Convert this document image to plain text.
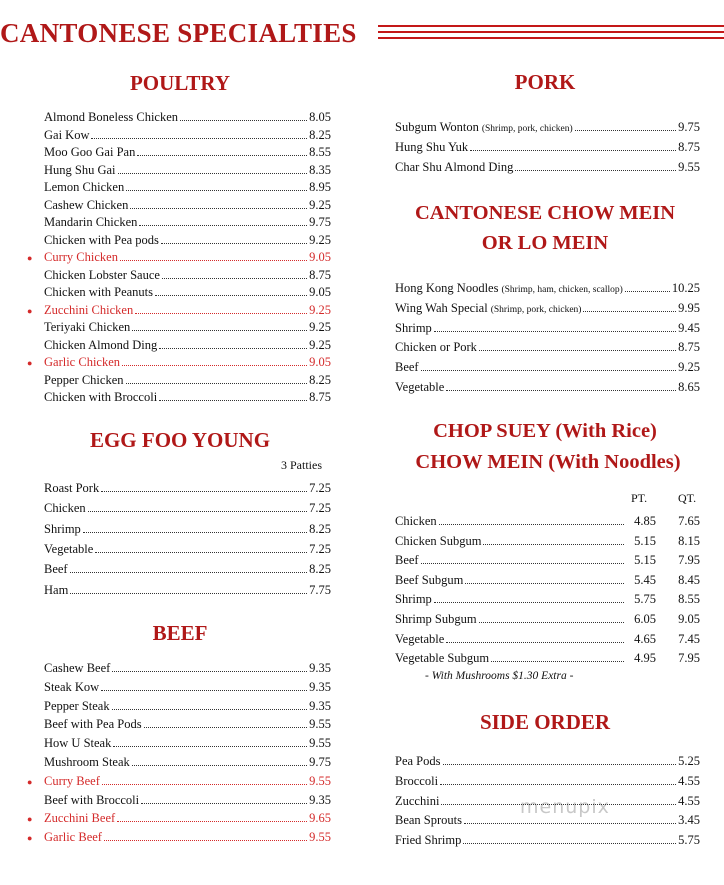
CANTONESE SPECIALTIES
POULTRY
EGG FOO YOUNG
3 Patties
BEEF
PORK
CANTONESE CHOW MEIN
OR LO MEIN
CHOP SUEY (With Rice)
CHOW MEIN (With Noodles)
PT.	QT.
- With Mushrooms $1.30 Extra -
SIDE ORDER
menupix
Almond Boneless Chicken	8.05
Gai Kow	8.25
Moo Goo Gai Pan	8.55
Hung Shu Gai	8.35
Lemon Chicken	8.95
Cashew Chicken	9.25
Mandarin Chicken	9.75
Chicken with Pea pods	9.25
Curry Chicken	9.05
●
Chicken Lobster Sauce	8.75
Chicken with Peanuts	9.05
Zucchini Chicken	9.25
●
Teriyaki Chicken	9.25
Chicken Almond Ding	9.25
Garlic Chicken	9.05
●
Pepper Chicken	8.25
Chicken with Broccoli	8.75
Roast Pork	7.25
Chicken	7.25
Shrimp	8.25
Vegetable	7.25
Beef	8.25
Ham	7.75
Cashew Beef	9.35
Steak Kow	9.35
Pepper Steak	9.35
Beef with Pea Pods	9.55
How U Steak	9.55
Mushroom Steak	9.75
Curry Beef	9.55
●
Beef with Broccoli	9.35
Zucchini Beef	9.65
●
Garlic Beef	9.55
●
Subgum Wonton (Shrimp, pork, chicken)	9.75
Hung Shu Yuk	8.75
Char Shu Almond Ding	9.55
Hong Kong Noodles (Shrimp, ham, chicken, scallop)	10.25
Wing Wah Special (Shrimp, pork, chicken)	9.95
Shrimp	9.45
Chicken or Pork	8.75
Beef	9.25
Vegetable	8.65
Chicken	4.85	7.65
Chicken Subgum	5.15	8.15
Beef	5.15	7.95
Beef Subgum	5.45	8.45
Shrimp	5.75	8.55
Shrimp Subgum	6.05	9.05
Vegetable	4.65	7.45
Vegetable Subgum	4.95	7.95
Pea Pods	5.25
Broccoli	4.55
Zucchini	4.55
Bean Sprouts	3.45
Fried Shrimp	5.75
